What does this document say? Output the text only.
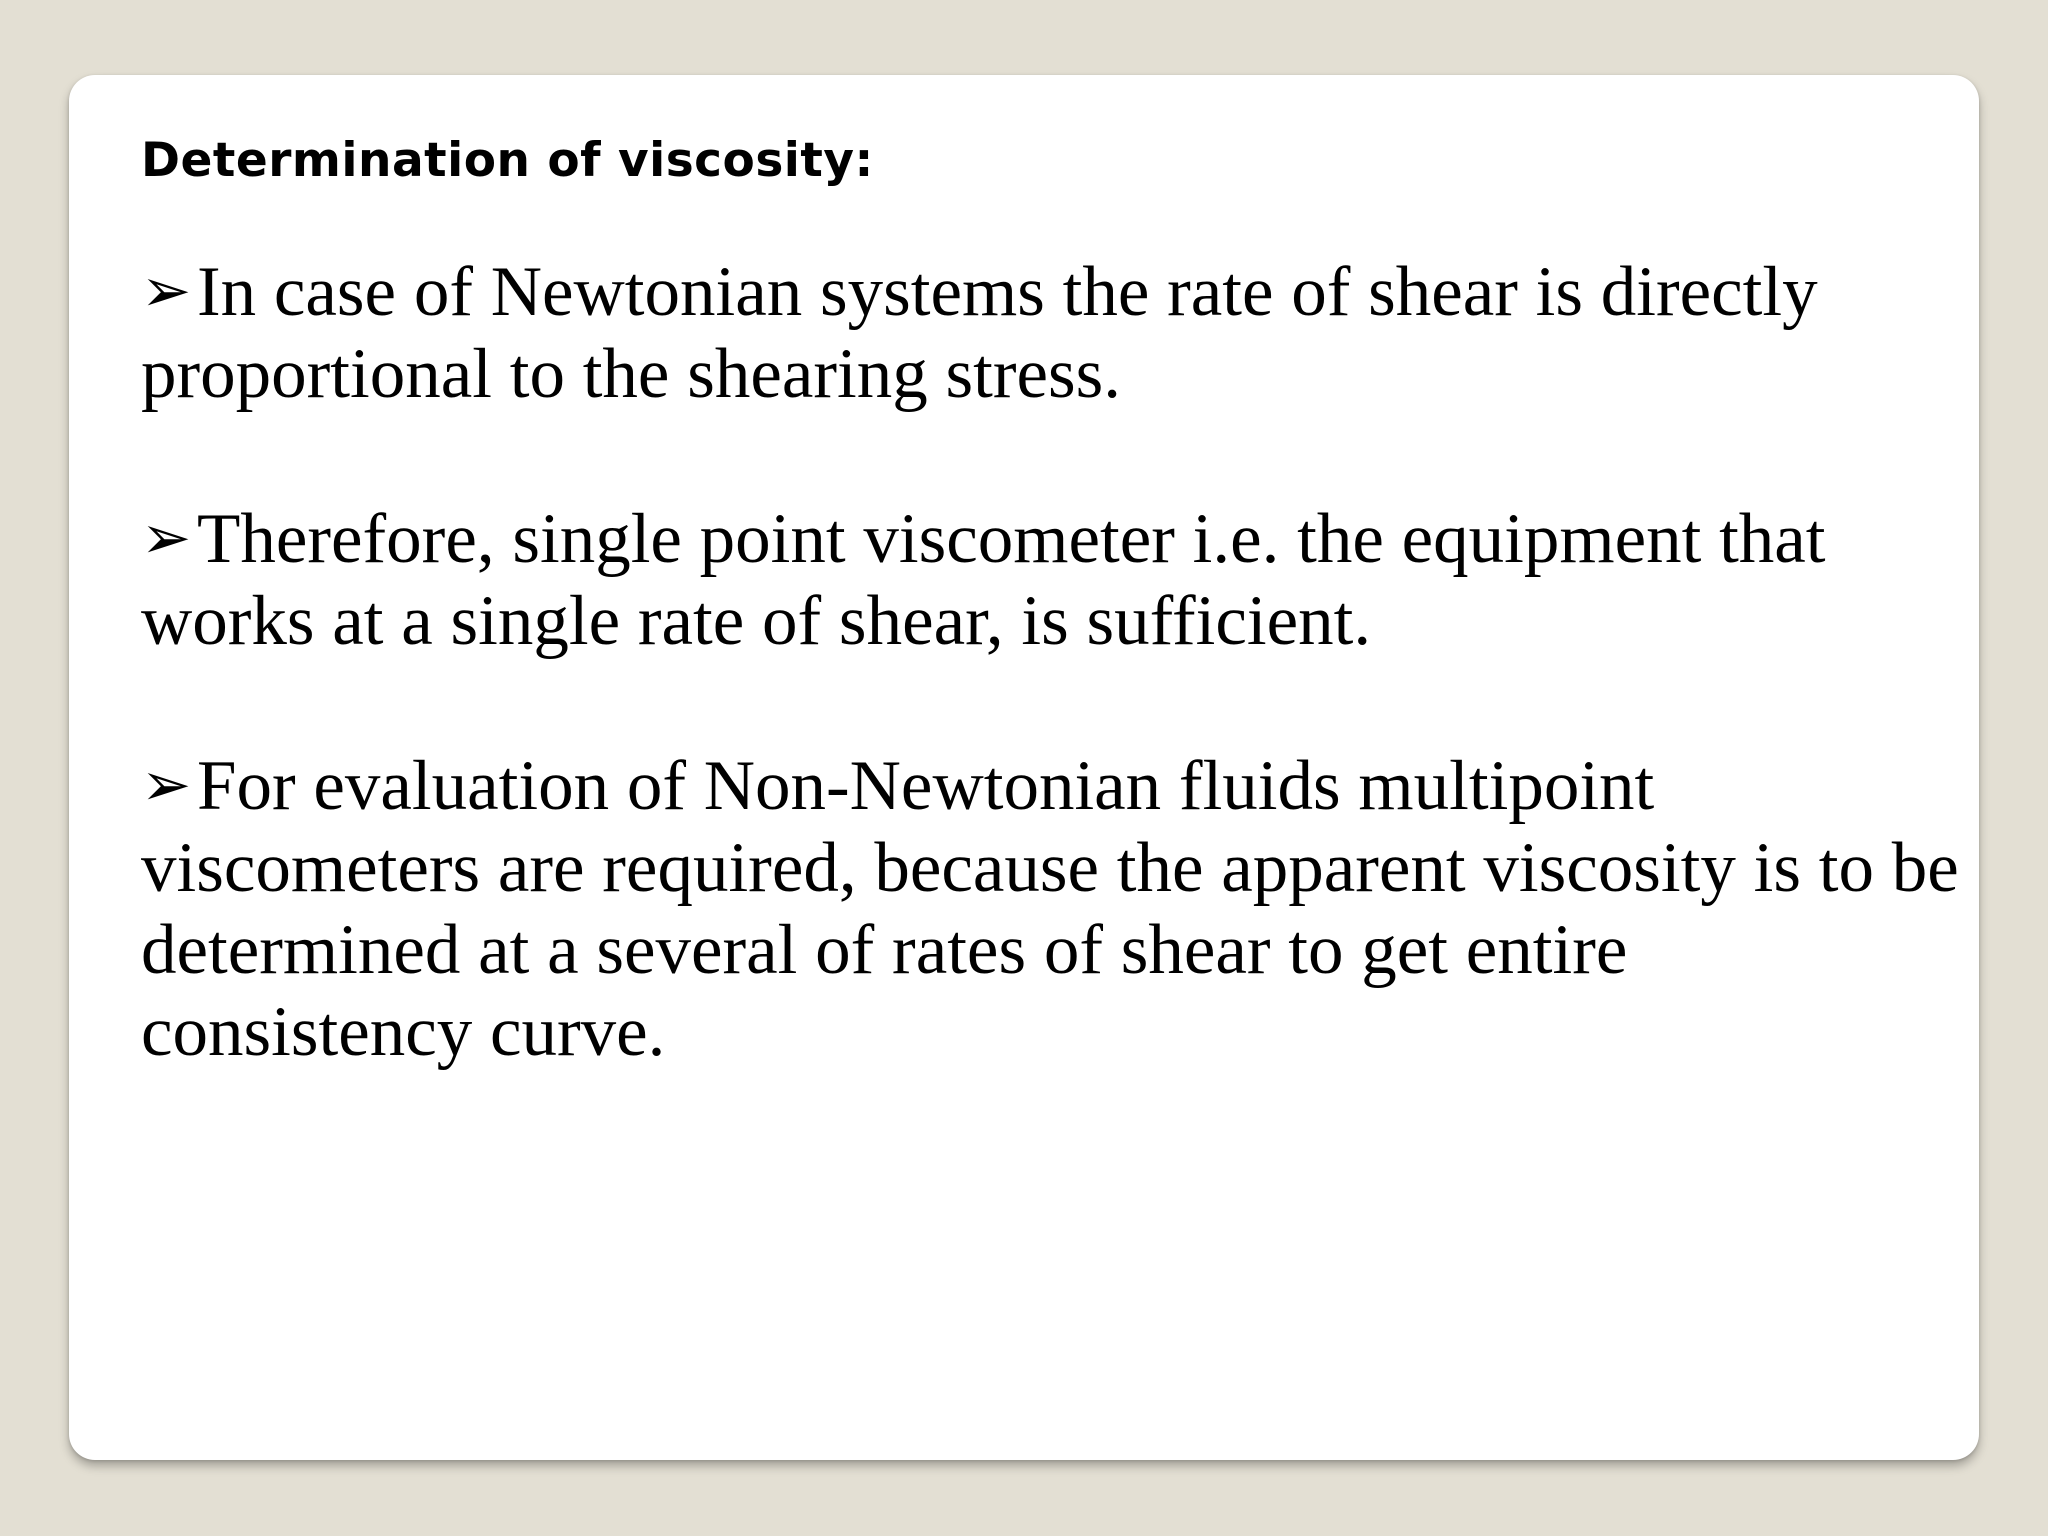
Determination of viscosity:

➢In case of Newtonian systems the rate of shear is directly proportional to the shearing stress.

➢Therefore, single point viscometer i.e. the equipment that works at a single rate of shear, is sufficient.

➢For evaluation of Non-Newtonian fluids multipoint viscometers are required, because the apparent viscosity is to be determined at a several of rates of shear to get entire consistency curve.
